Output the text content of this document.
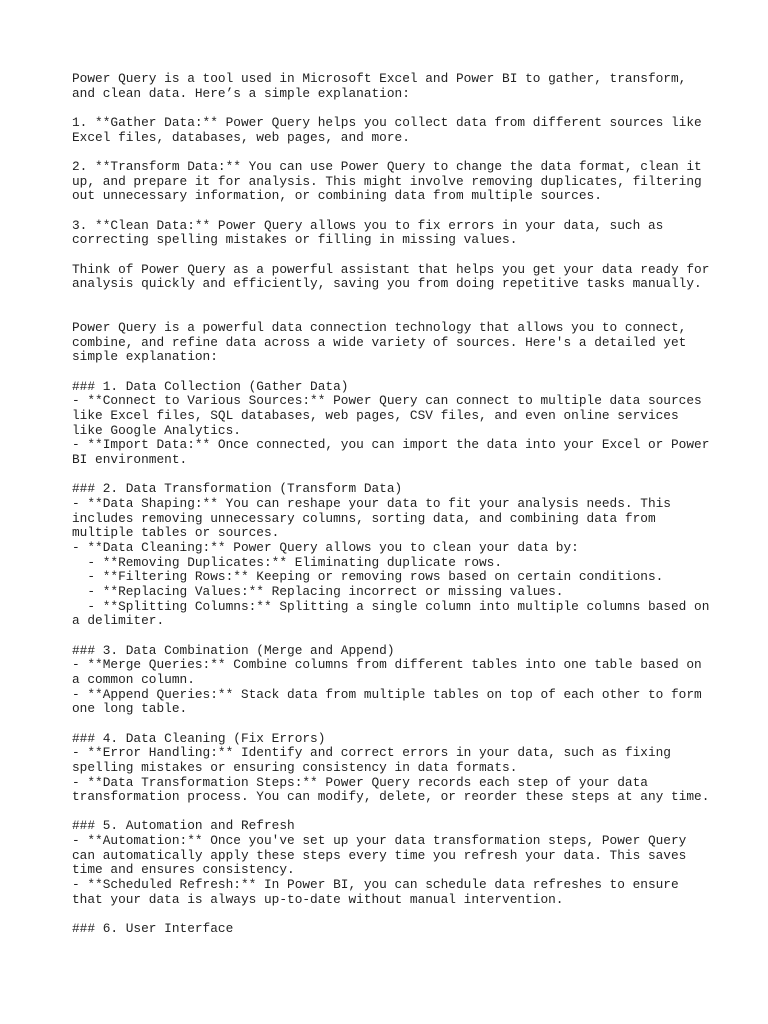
Power Query is a tool used in Microsoft Excel and Power BI to gather, transform,
and clean data. Here’s a simple explanation:
1. **Gather Data:** Power Query helps you collect data from different sources like
Excel files, databases, web pages, and more.
2. **Transform Data:** You can use Power Query to change the data format, clean it
up, and prepare it for analysis. This might involve removing duplicates, filtering
out unnecessary information, or combining data from multiple sources.
3. **Clean Data:** Power Query allows you to fix errors in your data, such as
correcting spelling mistakes or filling in missing values.
Think of Power Query as a powerful assistant that helps you get your data ready for
analysis quickly and efficiently, saving you from doing repetitive tasks manually.
Power Query is a powerful data connection technology that allows you to connect,
combine, and refine data across a wide variety of sources. Here's a detailed yet
simple explanation:
### 1. Data Collection (Gather Data)
- **Connect to Various Sources:** Power Query can connect to multiple data sources
like Excel files, SQL databases, web pages, CSV files, and even online services
like Google Analytics.
- **Import Data:** Once connected, you can import the data into your Excel or Power
BI environment.
### 2. Data Transformation (Transform Data)
- **Data Shaping:** You can reshape your data to fit your analysis needs. This
includes removing unnecessary columns, sorting data, and combining data from
multiple tables or sources.
- **Data Cleaning:** Power Query allows you to clean your data by:
- **Removing Duplicates:** Eliminating duplicate rows.
- **Filtering Rows:** Keeping or removing rows based on certain conditions.
- **Replacing Values:** Replacing incorrect or missing values.
- **Splitting Columns:** Splitting a single column into multiple columns based on
a delimiter.
### 3. Data Combination (Merge and Append)
- **Merge Queries:** Combine columns from different tables into one table based on
a common column.
- **Append Queries:** Stack data from multiple tables on top of each other to form
one long table.
### 4. Data Cleaning (Fix Errors)
- **Error Handling:** Identify and correct errors in your data, such as fixing
spelling mistakes or ensuring consistency in data formats.
- **Data Transformation Steps:** Power Query records each step of your data
transformation process. You can modify, delete, or reorder these steps at any time.
### 5. Automation and Refresh
- **Automation:** Once you've set up your data transformation steps, Power Query
can automatically apply these steps every time you refresh your data. This saves
time and ensures consistency.
- **Scheduled Refresh:** In Power BI, you can schedule data refreshes to ensure
that your data is always up-to-date without manual intervention.
### 6. User Interface
